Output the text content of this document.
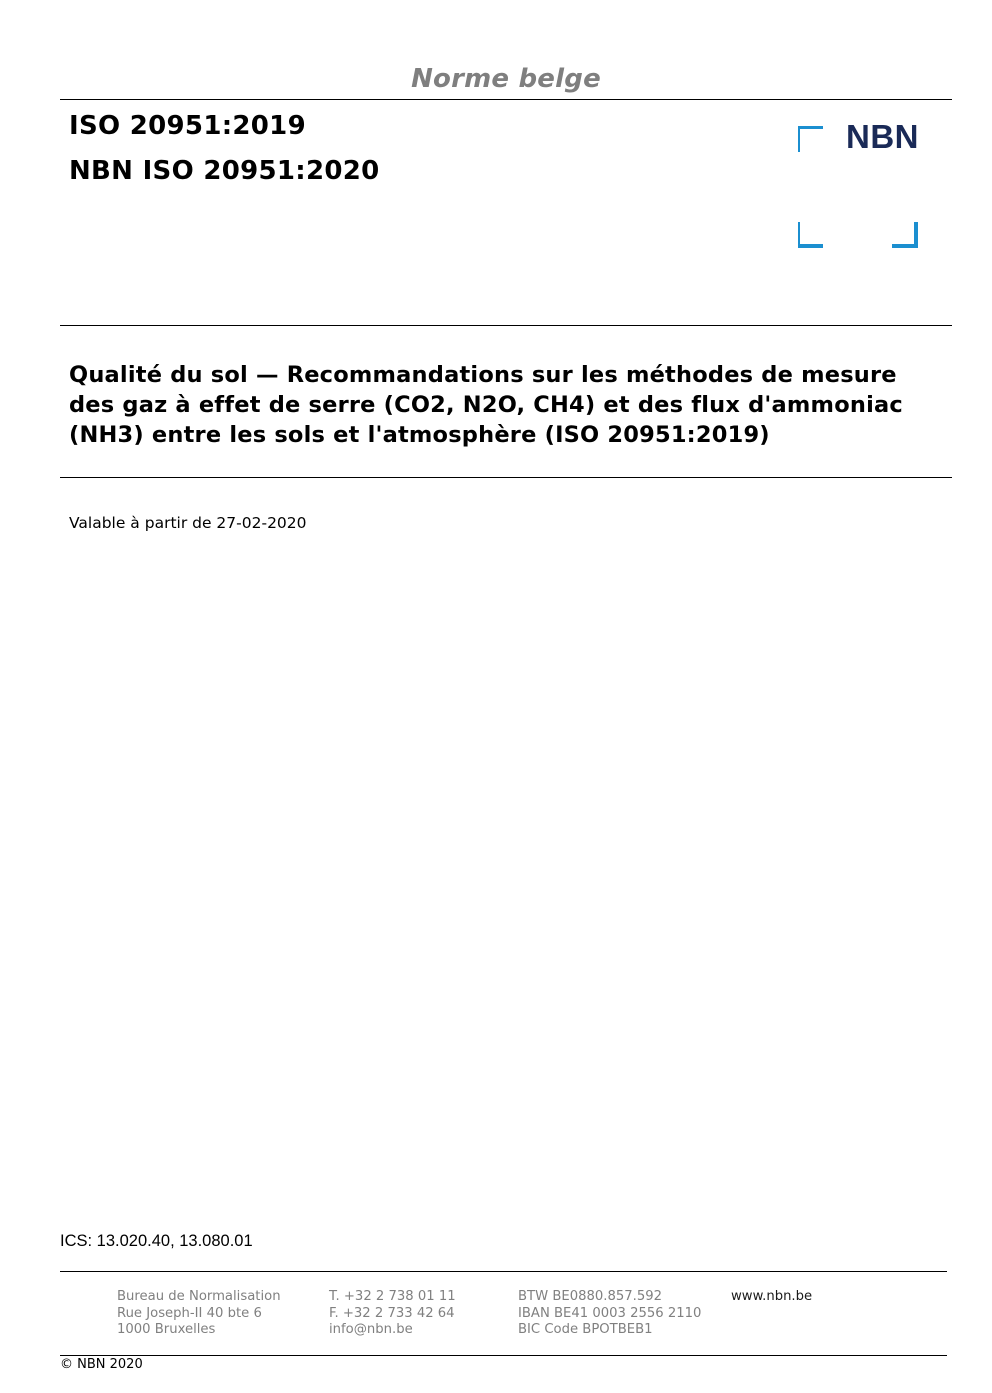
Norme belge
ISO 20951:2019
NBN ISO 20951:2020
NBN
Qualité du sol — Recommandations sur les méthodes de mesure
des gaz à effet de serre (CO2, N2O, CH4) et des flux d'ammoniac
(NH3) entre les sols et l'atmosphère (ISO 20951:2019)
Valable à partir de 27-02-2020
ICS: 13.020.40, 13.080.01
Bureau de Normalisation
Rue Joseph-II 40 bte 6
1000 Bruxelles
T. +32 2 738 01 11
F. +32 2 733 42 64
info@nbn.be
BTW BE0880.857.592
IBAN BE41 0003 2556 2110
BIC Code BPOTBEB1
www.nbn.be
© NBN 2020
